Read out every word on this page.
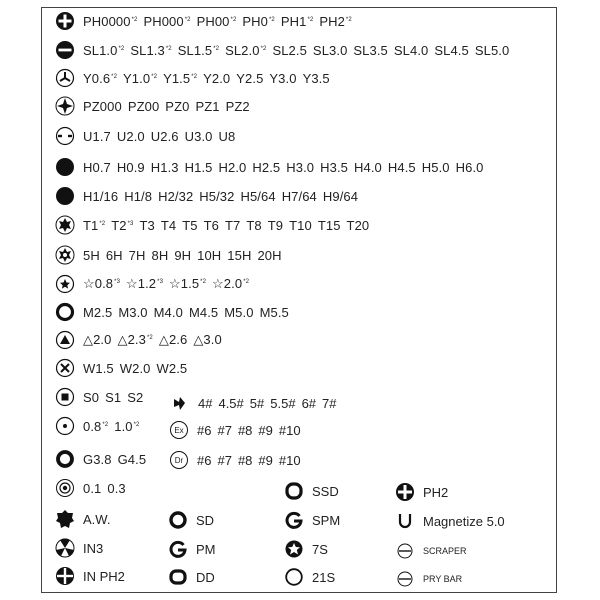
PH0000$^{*2}$ PH000$^{*2}$ PH00$^{*2}$ PH0$^{*2}$ PH1$^{*2}$ PH2$^{*2}$
SL1.0$^{*2}$ SL1.3$^{*2}$ SL1.5$^{*2}$ SL2.0$^{*2}$ SL2.5 SL3.0 SL3.5 SL4.0 SL4.5 SL5.0
Y0.6$^{*2}$ Y1.0$^{*2}$ Y1.5$^{*2}$ Y2.0 Y2.5 Y3.0 Y3.5
PZ000 PZ00 PZ0 PZ1 PZ2
U1.7 U2.0 U2.6 U3.0 U8
H0.7 H0.9 H1.3 H1.5 H2.0 H2.5 H3.0 H3.5 H4.0 H4.5 H5.0 H6.0
H1/16 H1/8 H2/32 H5/32 H5/64 H7/64 H9/64
T1$^{*2}$ T2$^{*3}$ T3 T4 T5 T6 T7 T8 T9 T10 T15 T20
5H 6H 7H 8H 9H 10H 15H 20H
☆0.8$^{*3}$ ☆1.2$^{*3}$ ☆1.5$^{*2}$ ☆2.0$^{*2}$
M2.5 M3.0 M4.0 M4.5 M5.0 M5.5
△2.0 △2.3$^{*2}$ △2.6 △3.0
W1.5 W2.0 W2.5
S0 S1 S2
0.8$^{*2}$ 1.0$^{*2}$
G3.8 G4.5
0.1 0.3
4# 4.5# 5# 5.5# 6# 7#
Ex	#6 #7 #8 #9 #10
Dr	#6 #7 #8 #9 #10
A.W.
IN3
IN PH2
SD
PM
DD
SSD
SPM
7S
21S
PH2
Magnetize 5.0
SCRAPER
PRY BAR
